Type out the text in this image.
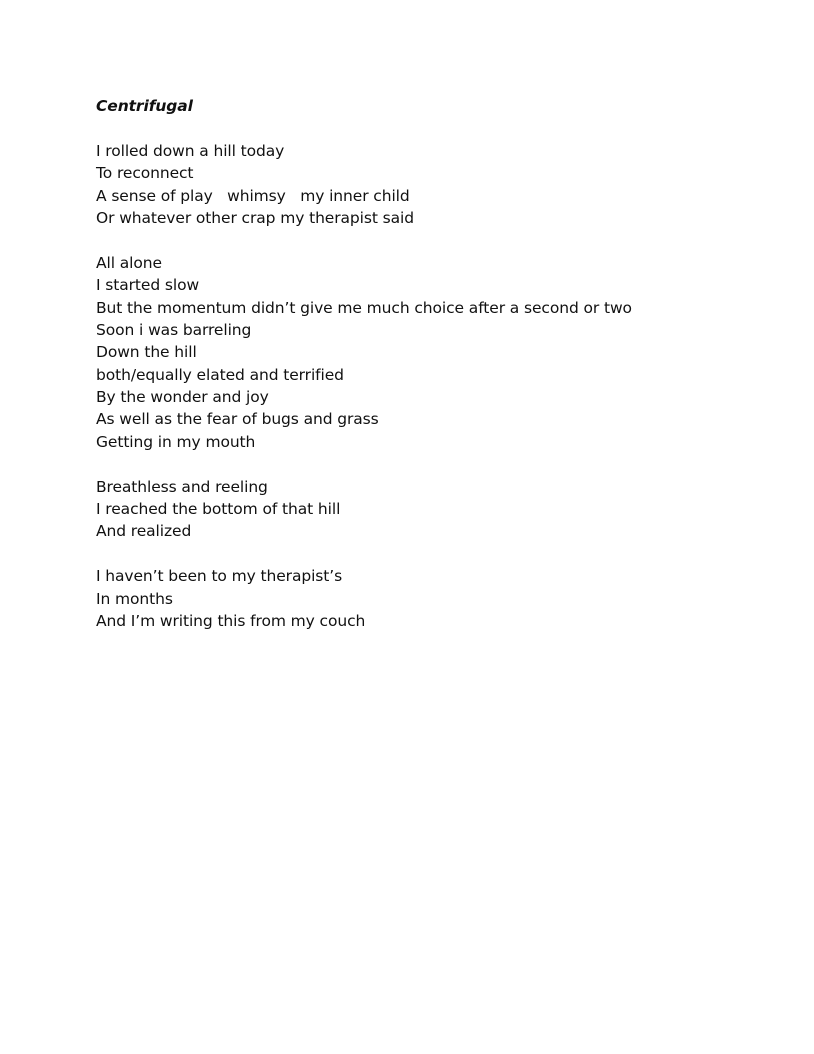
Centrifugal
I rolled down a hill today
To reconnect
A sense of play   whimsy   my inner child
Or whatever other crap my therapist said
All alone
I started slow
But the momentum didn’t give me much choice after a second or two
Soon i was barreling
Down the hill
both/equally elated and terrified
By the wonder and joy
As well as the fear of bugs and grass
Getting in my mouth
Breathless and reeling
I reached the bottom of that hill
And realized
I haven’t been to my therapist’s
In months
And I’m writing this from my couch
